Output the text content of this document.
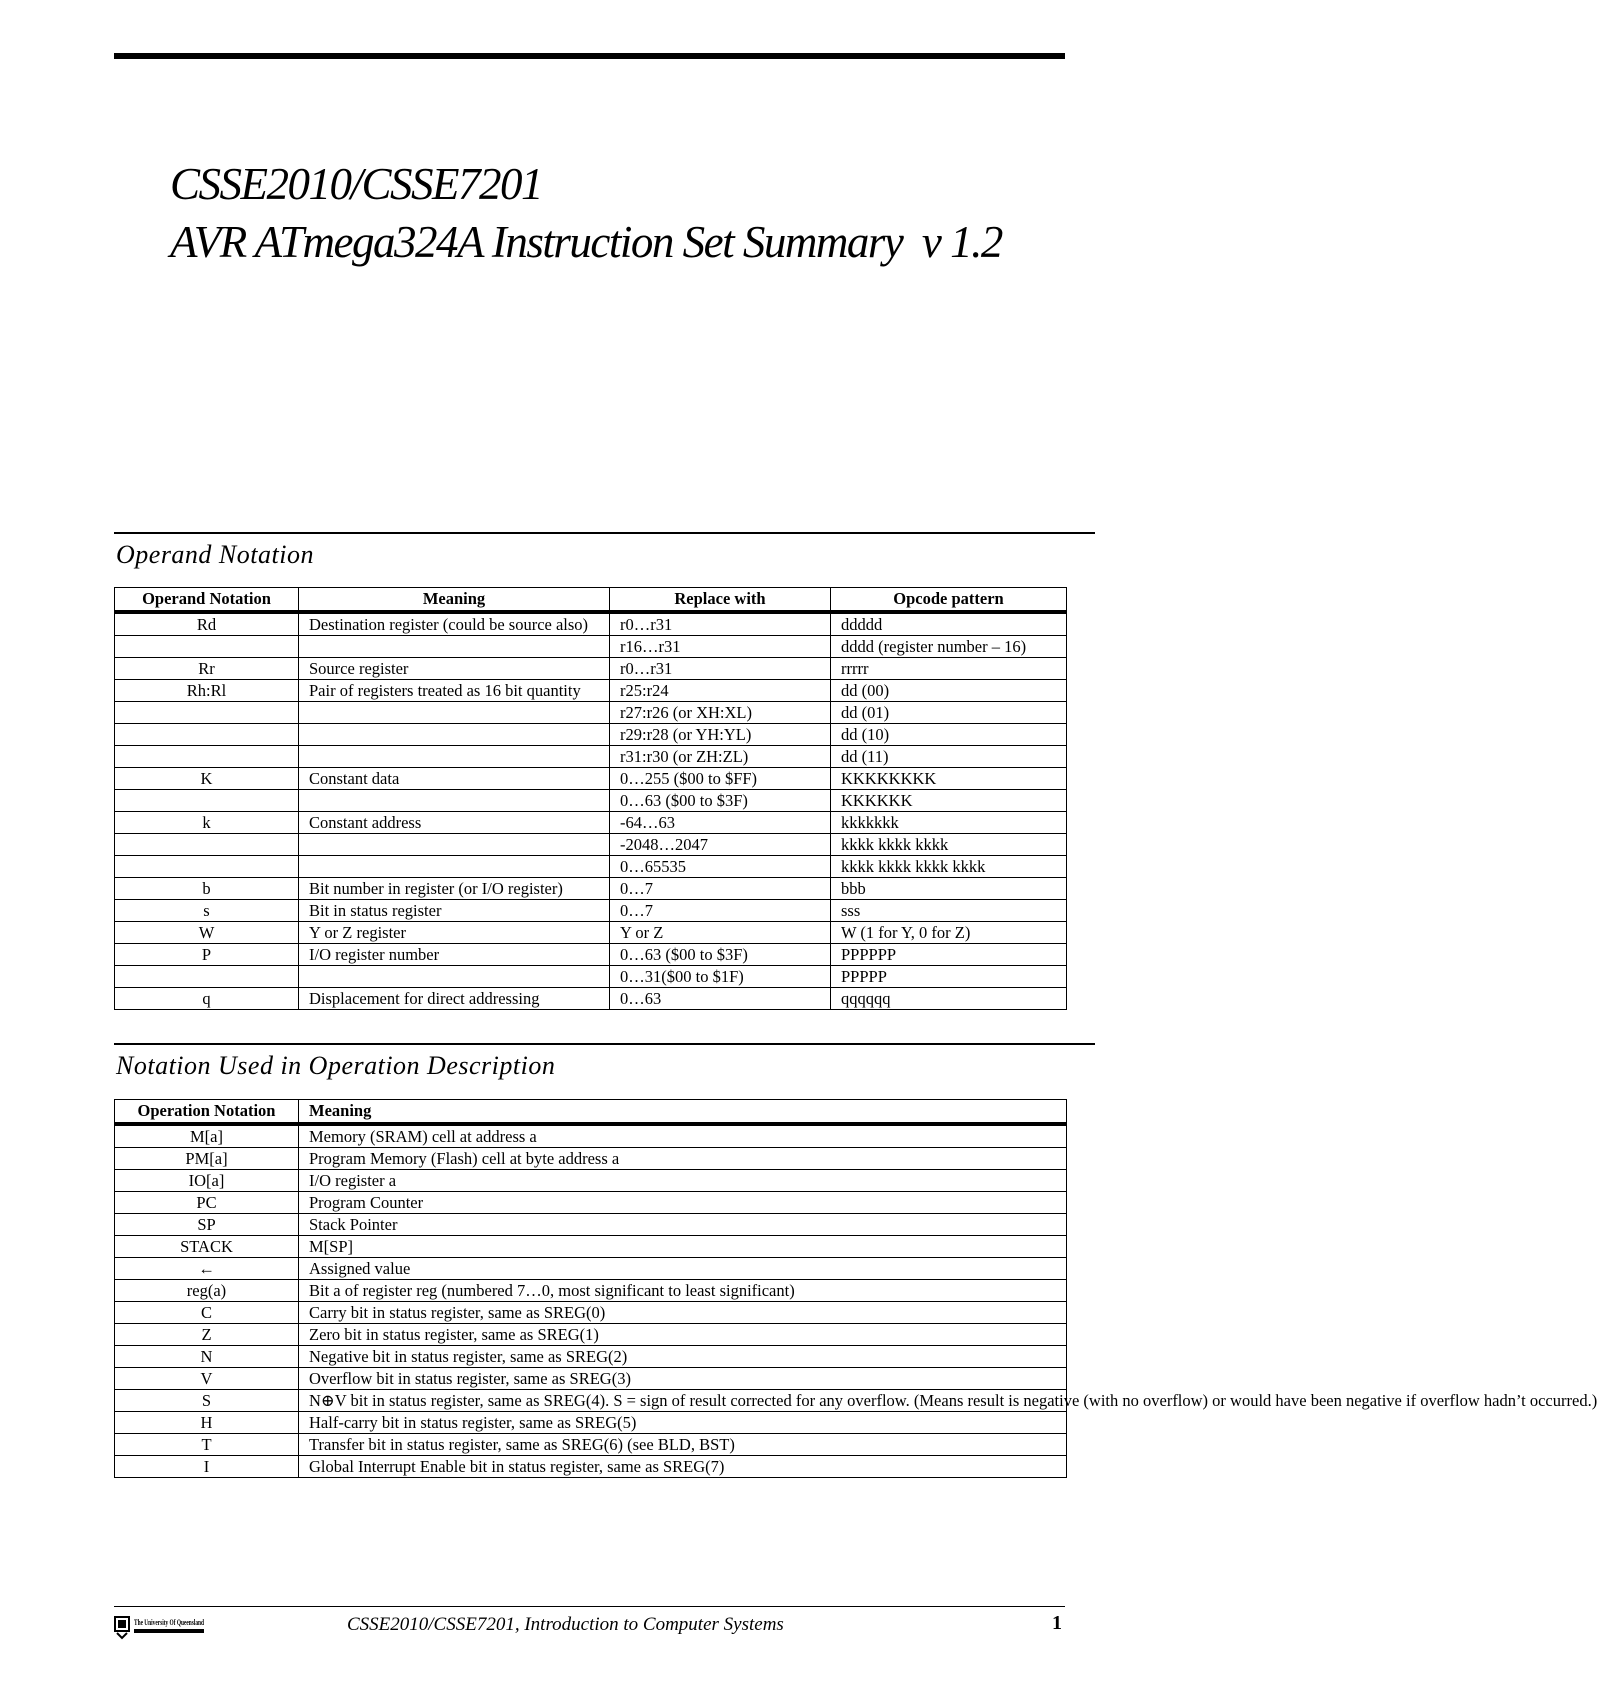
CSSE2010/CSSE7201
AVR ATmega324A Instruction Set Summary  v 1.2
Operand Notation
Operand Notation	Meaning	Replace with	Opcode pattern
Rd	Destination register (could be source also)	r0…r31	ddddd
		r16…r31	dddd (register number – 16)
Rr	Source register	r0…r31	rrrrr
Rh:Rl	Pair of registers treated as 16 bit quantity	r25:r24	dd (00)
		r27:r26 (or XH:XL)	dd (01)
		r29:r28 (or YH:YL)	dd (10)
		r31:r30 (or ZH:ZL)	dd (11)
K	Constant data	0…255 ($00 to $FF)	KKKKKKKK
		0…63 ($00 to $3F)	KKKKKK
k	Constant address	-64…63	kkkkkkk
		-2048…2047	kkkk kkkk kkkk
		0…65535	kkkk kkkk kkkk kkkk
b	Bit number in register (or I/O register)	0…7	bbb
s	Bit in status register	0…7	sss
W	Y or Z register	Y or Z	W (1 for Y, 0 for Z)
P	I/O register number	0…63 ($00 to $3F)	PPPPPP
		0…31($00 to $1F)	PPPPP
q	Displacement for direct addressing	0…63	qqqqqq
Notation Used in Operation Description
Operation Notation	Meaning
M[a]	Memory (SRAM) cell at address a
PM[a]	Program Memory (Flash) cell at byte address a
IO[a]	I/O register a
PC	Program Counter
SP	Stack Pointer
STACK	M[SP]
←	Assigned value
reg(a)	Bit a of register reg (numbered 7…0, most significant to least significant)
C	Carry bit in status register, same as SREG(0)
Z	Zero bit in status register, same as SREG(1)
N	Negative bit in status register, same as SREG(2)
V	Overflow bit in status register, same as SREG(3)
S	N⊕V bit in status register, same as SREG(4). S = sign of result corrected for any overflow. (Means result is negative (with no overflow) or would have been negative if overflow hadn’t occurred.)
H	Half-carry bit in status register, same as SREG(5)
T	Transfer bit in status register, same as SREG(6) (see BLD, BST)
I	Global Interrupt Enable bit in status register, same as SREG(7)
The University Of Queensland	CSSE2010/CSSE7201, Introduction to Computer Systems	1
